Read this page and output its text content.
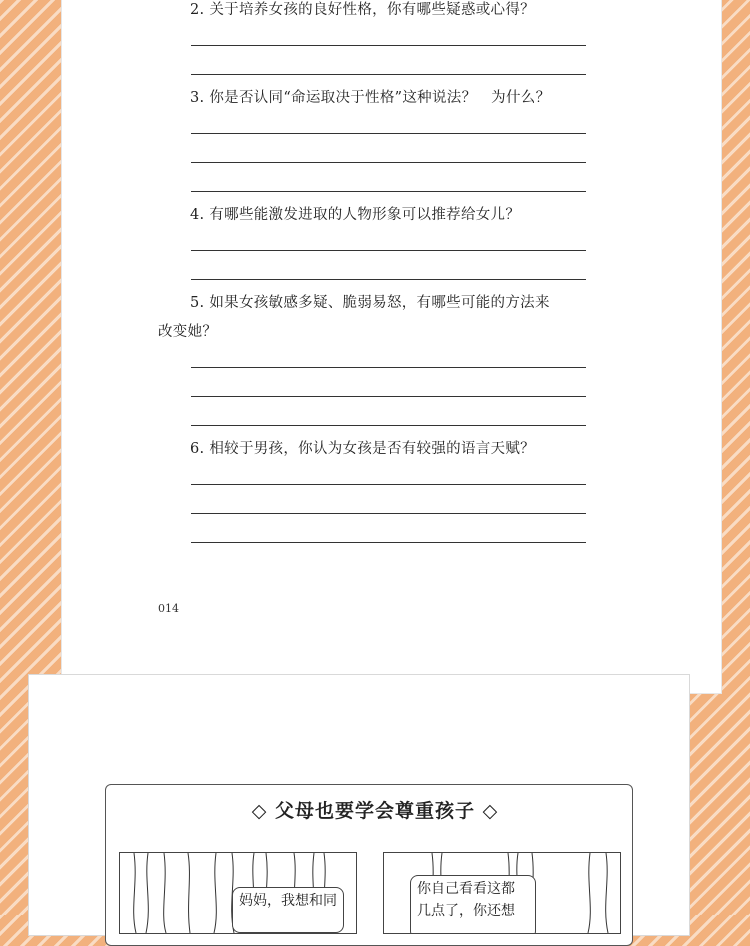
2. 关于培养女孩的良好性格，你有哪些疑惑或心得？
3. 你是否认同“命运取决于性格”这种说法？　为什么？
4. 有哪些能激发进取的人物形象可以推荐给女儿？
5. 如果女孩敏感多疑、脆弱易怒，有哪些可能的方法来
改变她？
6. 相较于男孩，你认为女孩是否有较强的语言天赋？
014
◇ 父母也要学会尊重孩子 ◇
妈妈，我想和同
你自己看看这都
几点了，你还想
